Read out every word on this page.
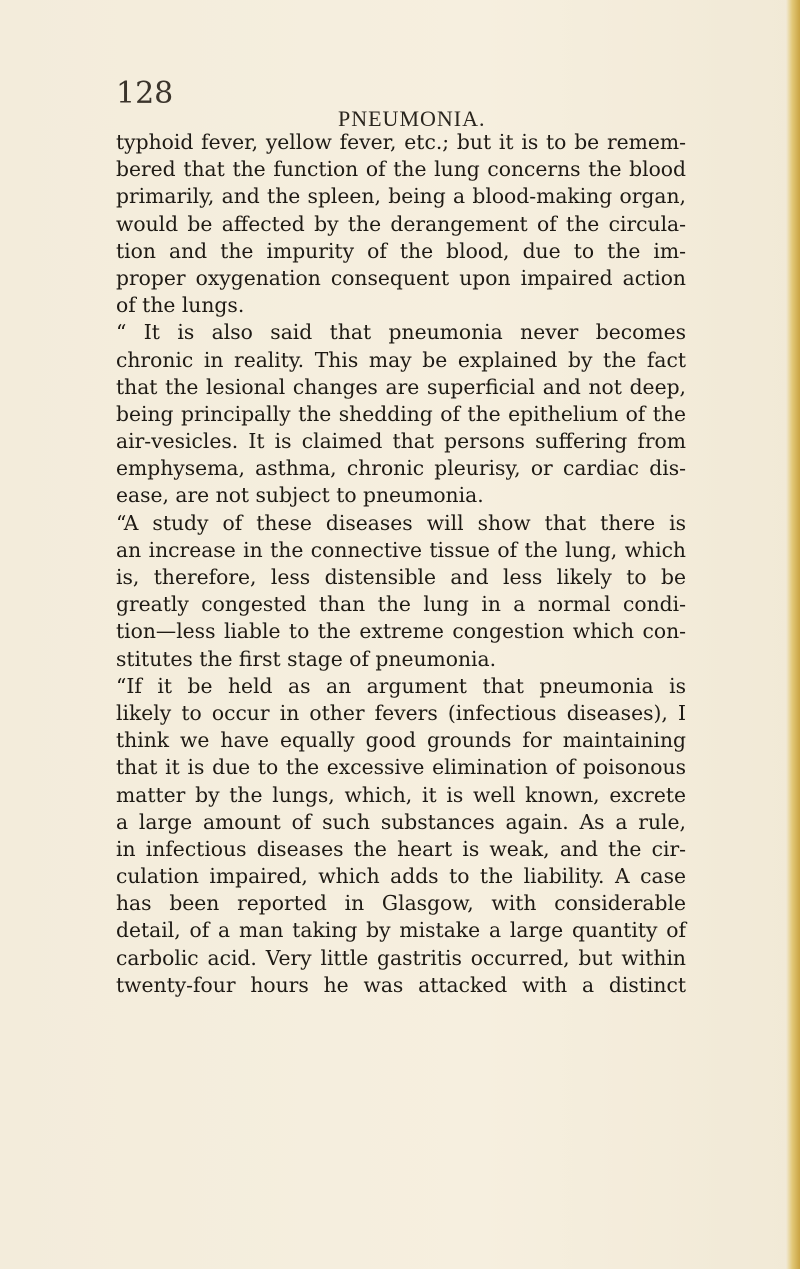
128
PNEUMONIA.
typhoid fever, yellow fever, etc.; but it is to be remem-
bered that the function of the lung concerns the blood
primarily, and the spleen, being a blood-making organ,
would be affected by the derangement of the circula-
tion and the impurity of the blood, due to the im-
proper oxygenation consequent upon impaired action
of the lungs.
“ It is also said that pneumonia never becomes
chronic in reality. This may be explained by the fact
that the lesional changes are superficial and not deep,
being principally the shedding of the epithelium of the
air-vesicles. It is claimed that persons suffering from
emphysema, asthma, chronic pleurisy, or cardiac dis-
ease, are not subject to pneumonia.
“A study of these diseases will show that there is
an increase in the connective tissue of the lung, which
is, therefore, less distensible and less likely to be
greatly congested than the lung in a normal condi-
tion—less liable to the extreme congestion which con-
stitutes the first stage of pneumonia.
“If it be held as an argument that pneumonia is
likely to occur in other fevers (infectious diseases), I
think we have equally good grounds for maintaining
that it is due to the excessive elimination of poisonous
matter by the lungs, which, it is well known, excrete
a large amount of such substances again. As a rule,
in infectious diseases the heart is weak, and the cir-
culation impaired, which adds to the liability. A case
has been reported in Glasgow, with considerable
detail, of a man taking by mistake a large quantity of
carbolic acid. Very little gastritis occurred, but within
twenty-four hours he was attacked with a distinct
